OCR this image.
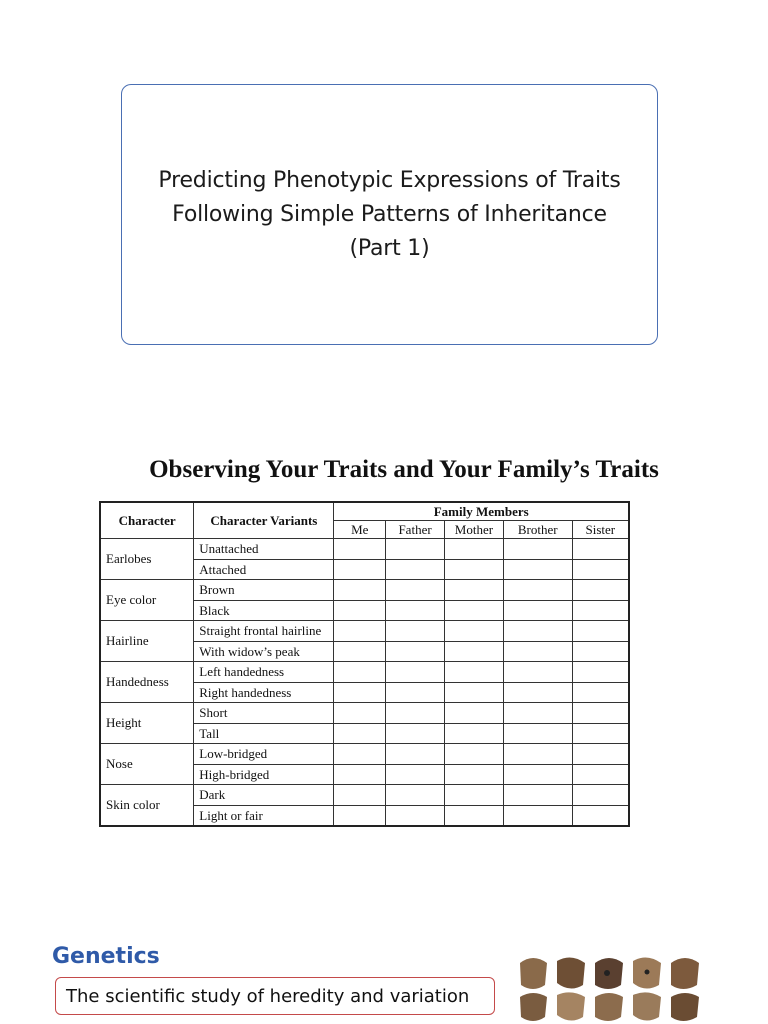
Predicting Phenotypic Expressions of Traits
Following Simple Patterns of Inheritance
(Part 1)
Observing Your Traits and Your Family’s Traits
Character	Character Variants	Family Members				
		Me	Father	Mother	Brother	Sister
Earlobes	Unattached					
	Attached					
Eye color	Brown					
	Black					
Hairline	Straight frontal hairline					
	With widow’s peak					
Handedness	Left handedness					
	Right handedness					
Height	Short					
	Tall					
Nose	Low-bridged					
	High-bridged					
Skin color	Dark					
	Light or fair					
Genetics
The scientific study of heredity and variation
